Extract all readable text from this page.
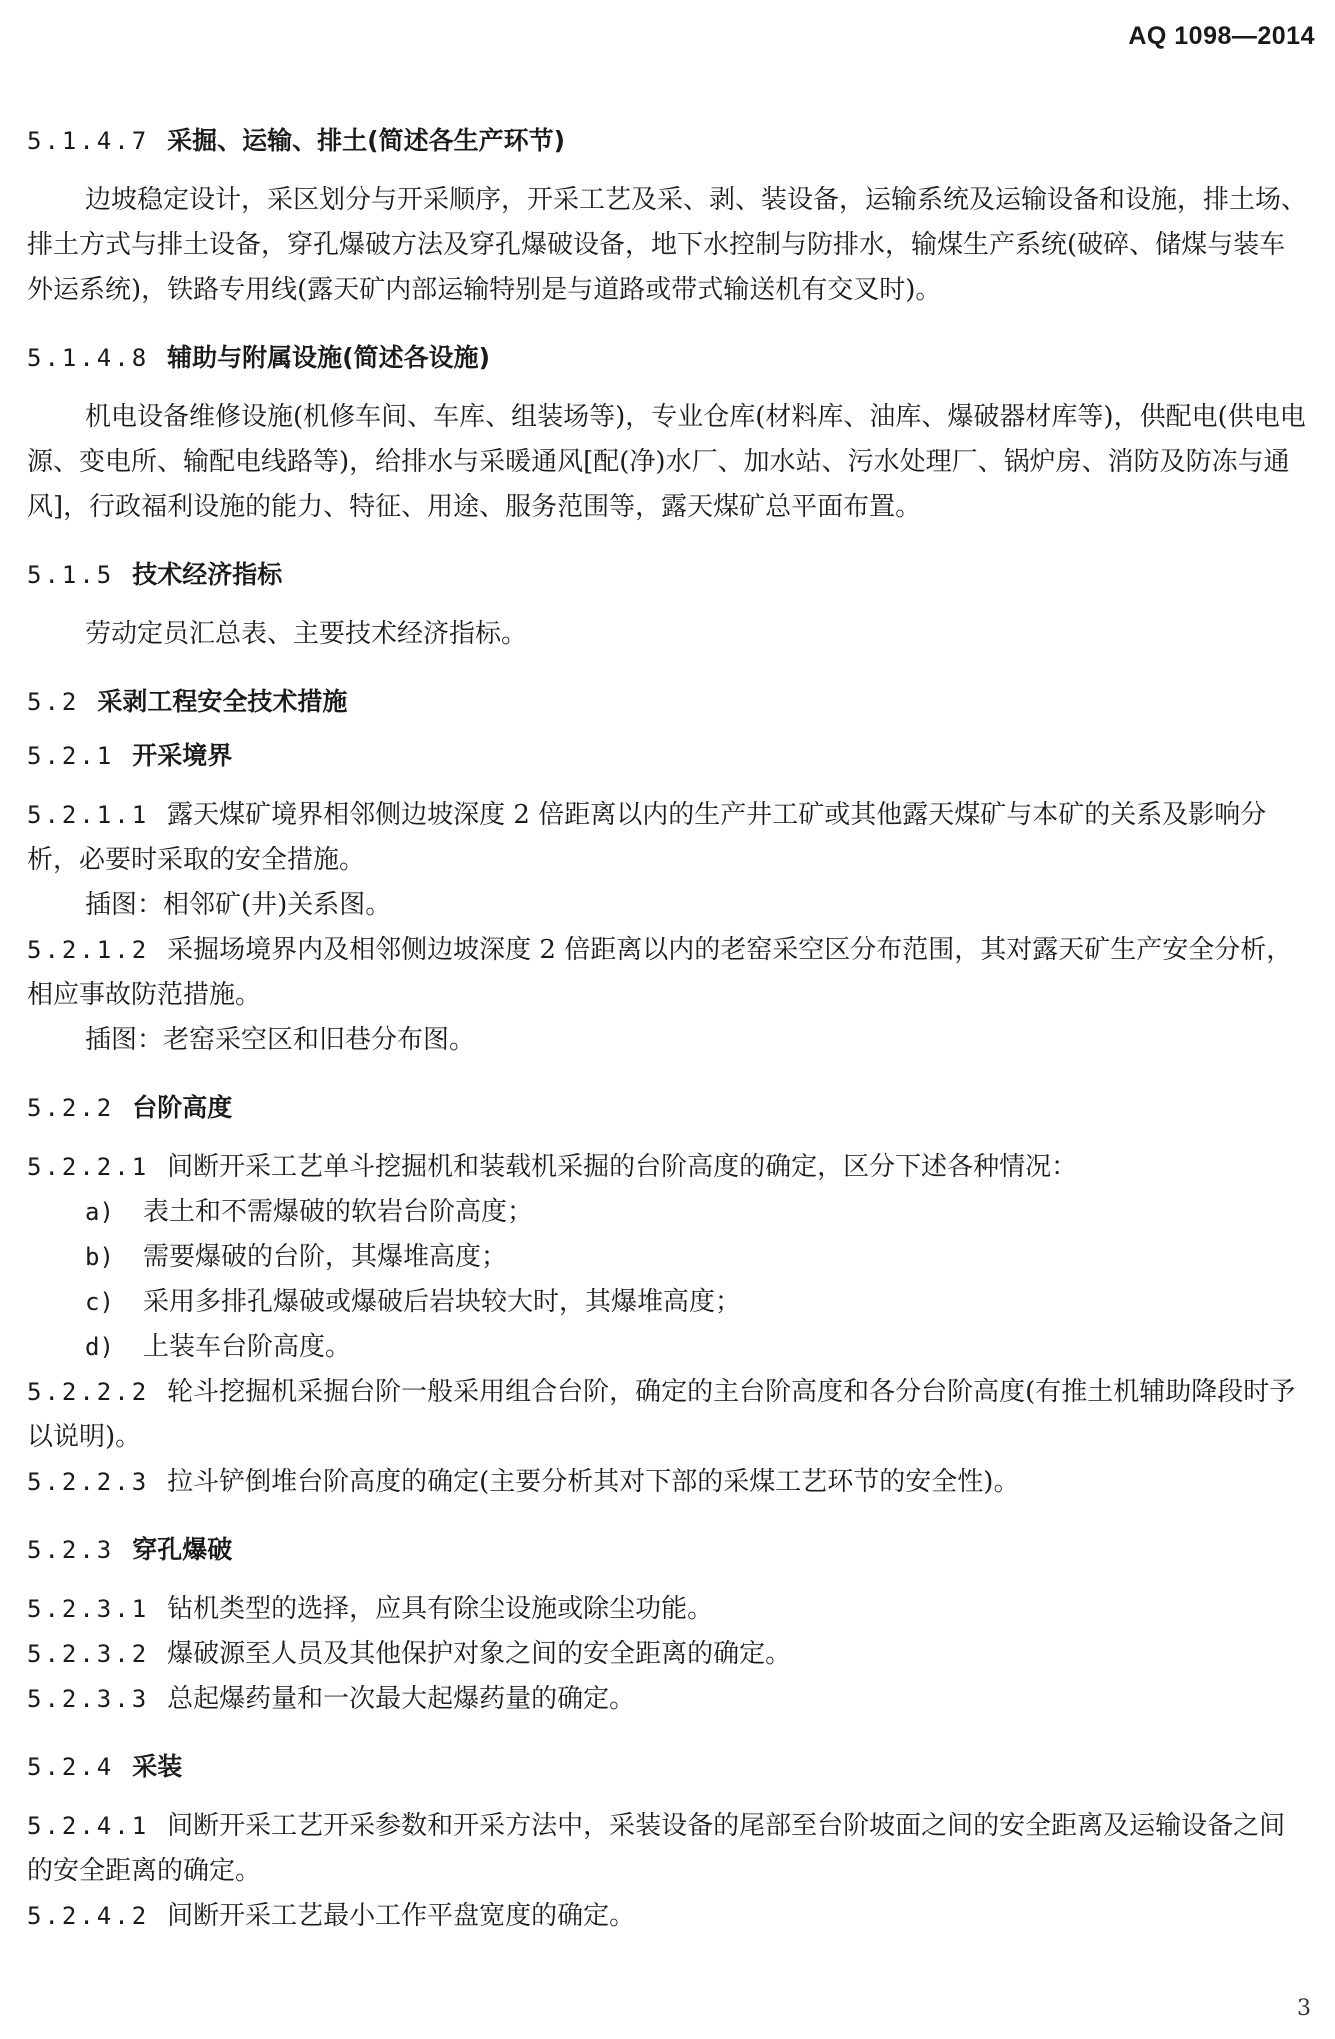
AQ 1098—2014

5.1.4.7 采掘、运输、排土(简述各生产环节)

边坡稳定设计，采区划分与开采顺序，开采工艺及采、剥、装设备，运输系统及运输设备和设施，排土场、排土方式与排土设备，穿孔爆破方法及穿孔爆破设备，地下水控制与防排水，输煤生产系统(破碎、储煤与装车外运系统)，铁路专用线(露天矿内部运输特别是与道路或带式输送机有交叉时)。

5.1.4.8 辅助与附属设施(简述各设施)

机电设备维修设施(机修车间、车库、组装场等)，专业仓库(材料库、油库、爆破器材库等)，供配电(供电电源、变电所、输配电线路等)，给排水与采暖通风[配(净)水厂、加水站、污水处理厂、锅炉房、消防及防冻与通风]，行政福利设施的能力、特征、用途、服务范围等，露天煤矿总平面布置。

5.1.5 技术经济指标

劳动定员汇总表、主要技术经济指标。

5.2 采剥工程安全技术措施

5.2.1 开采境界

5.2.1.1 露天煤矿境界相邻侧边坡深度 2 倍距离以内的生产井工矿或其他露天煤矿与本矿的关系及影响分析，必要时采取的安全措施。

插图：相邻矿(井)关系图。

5.2.1.2 采掘场境界内及相邻侧边坡深度 2 倍距离以内的老窑采空区分布范围，其对露天矿生产安全分析，相应事故防范措施。

插图：老窑采空区和旧巷分布图。

5.2.2 台阶高度

5.2.2.1 间断开采工艺单斗挖掘机和装载机采掘的台阶高度的确定，区分下述各种情况：

a) 表土和不需爆破的软岩台阶高度；

b) 需要爆破的台阶，其爆堆高度；

c) 采用多排孔爆破或爆破后岩块较大时，其爆堆高度；

d) 上装车台阶高度。

5.2.2.2 轮斗挖掘机采掘台阶一般采用组合台阶，确定的主台阶高度和各分台阶高度(有推土机辅助降段时予以说明)。

5.2.2.3 拉斗铲倒堆台阶高度的确定(主要分析其对下部的采煤工艺环节的安全性)。

5.2.3 穿孔爆破

5.2.3.1 钻机类型的选择，应具有除尘设施或除尘功能。

5.2.3.2 爆破源至人员及其他保护对象之间的安全距离的确定。

5.2.3.3 总起爆药量和一次最大起爆药量的确定。

5.2.4 采装

5.2.4.1 间断开采工艺开采参数和开采方法中，采装设备的尾部至台阶坡面之间的安全距离及运输设备之间的安全距离的确定。

5.2.4.2 间断开采工艺最小工作平盘宽度的确定。

3
